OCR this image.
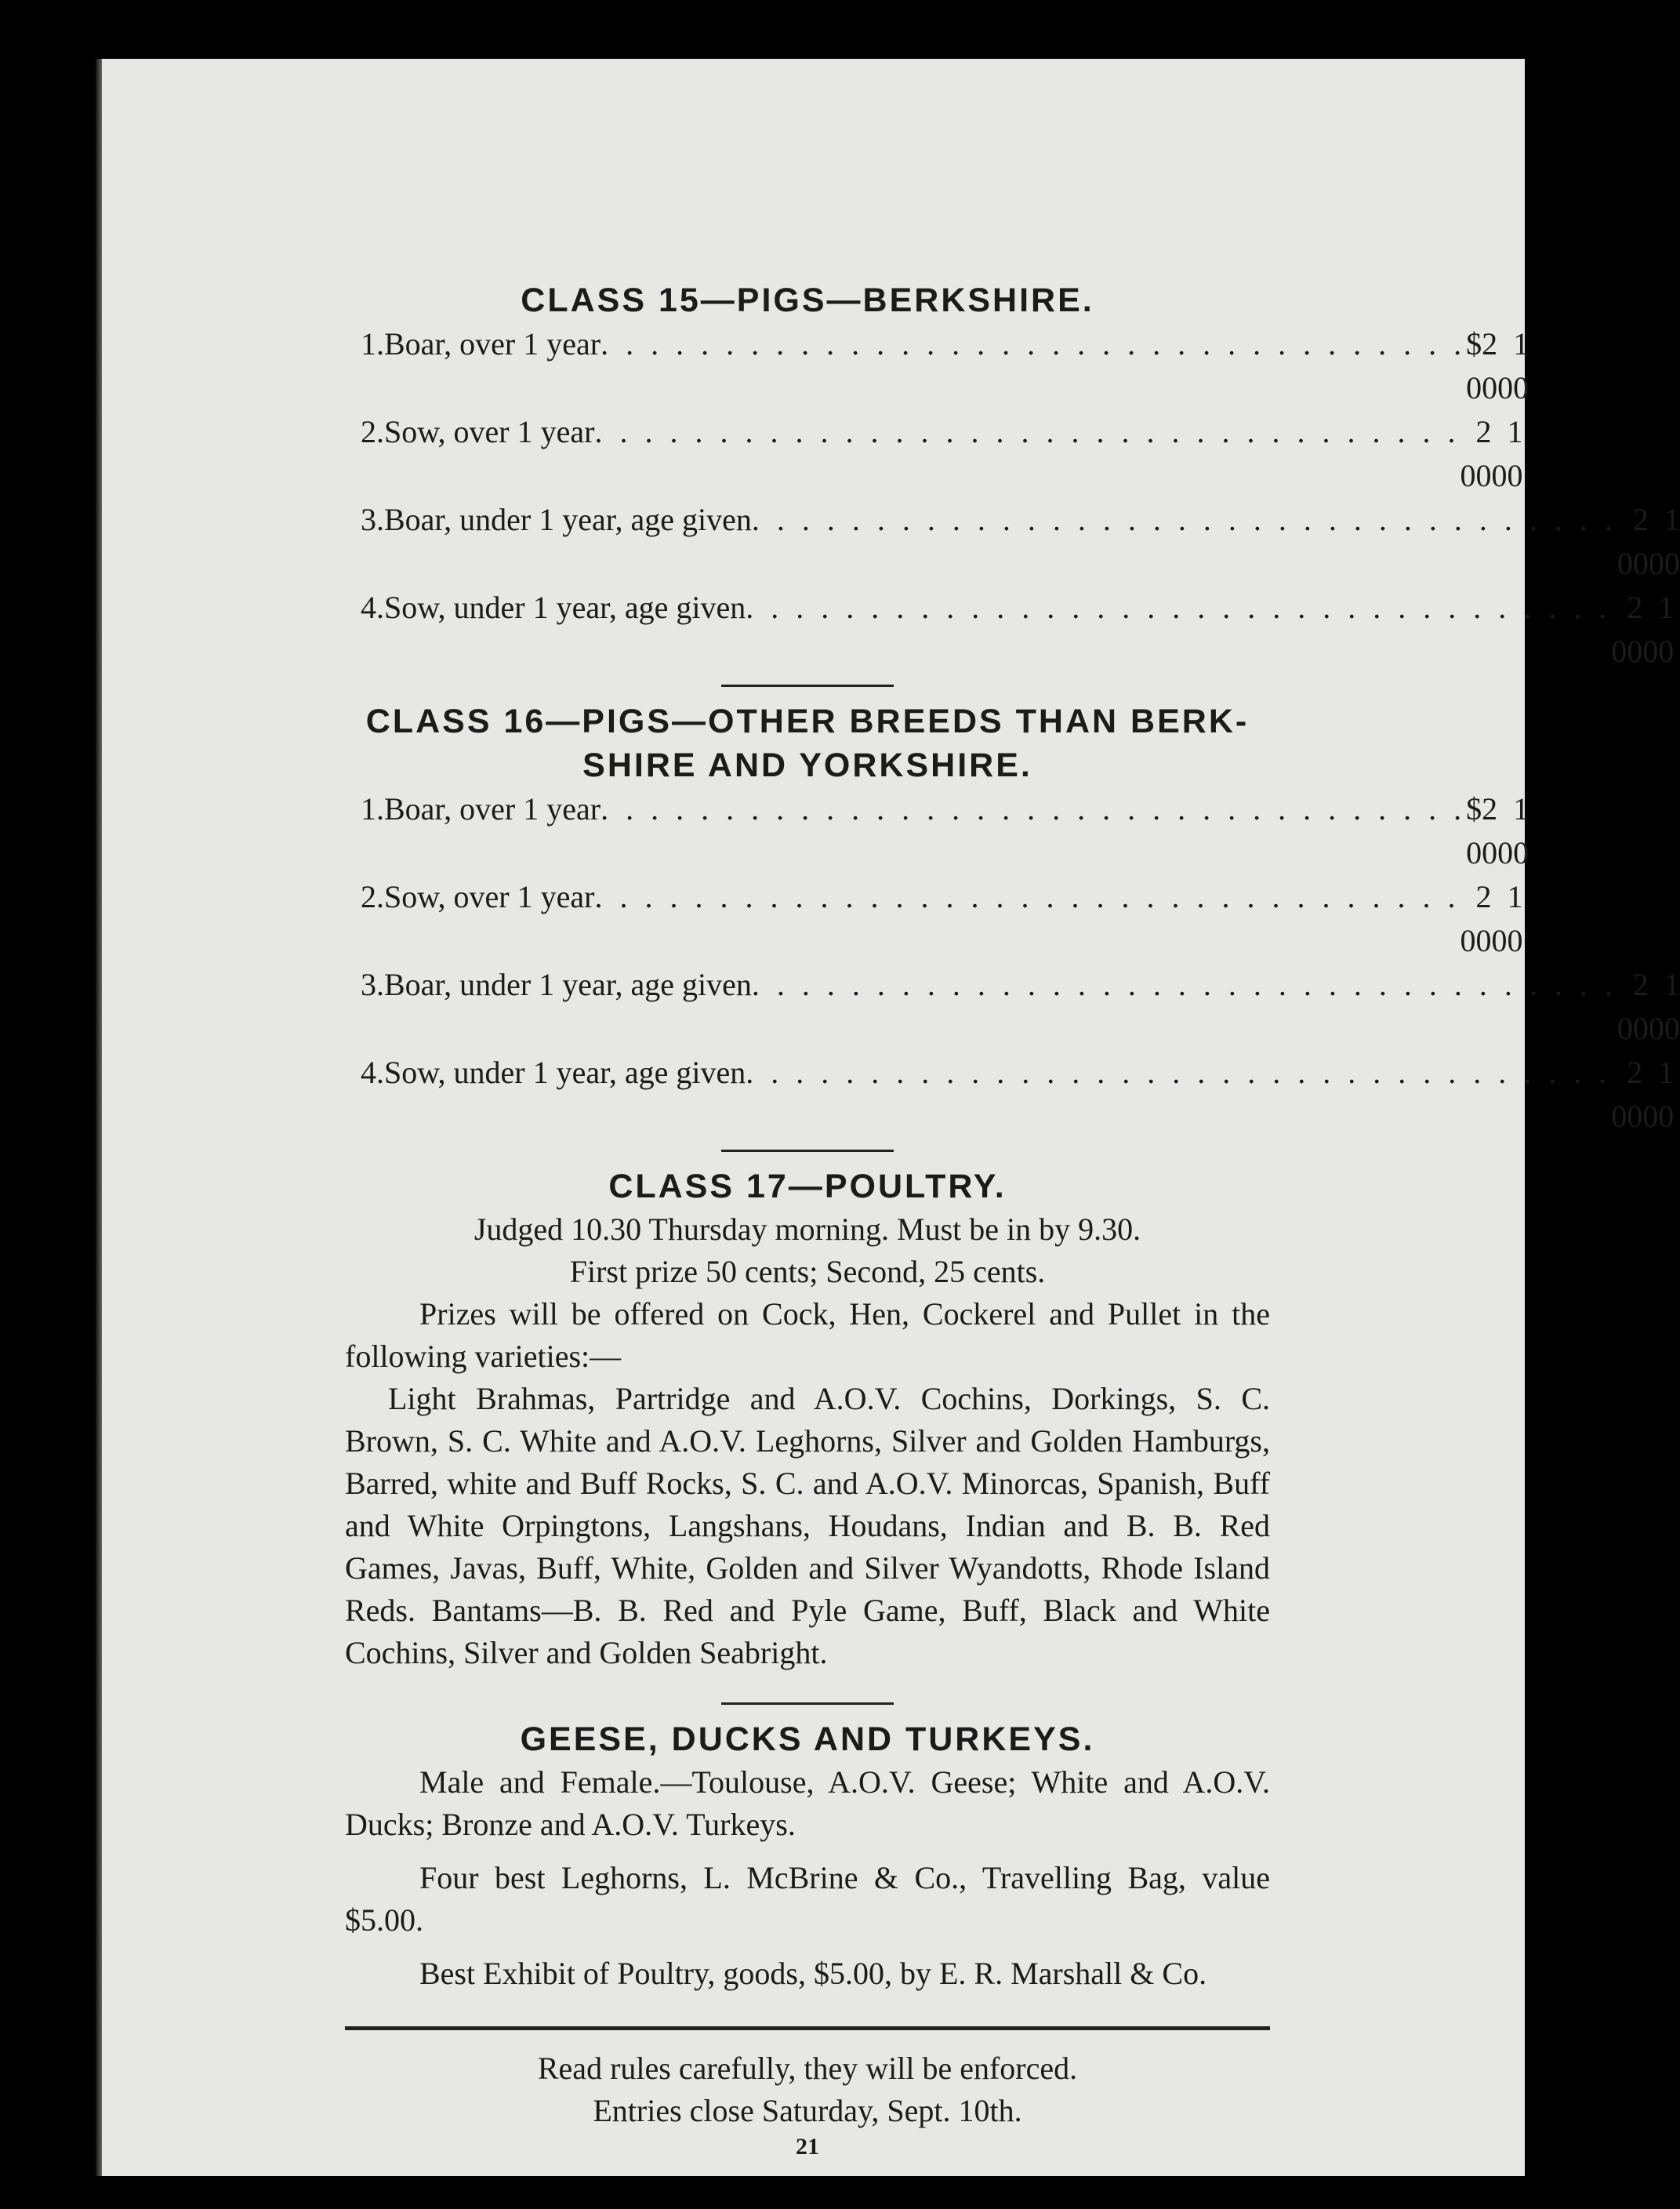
CLASS 15—PIGS—BERKSHIRE.
1. Boar, over 1 year . . . . . . . . . . . . . . . . . . . . . . . . . . . . . . . . . . . $2 00
1 00
2. Sow, over 1 year . . . . . . . . . . . . . . . . . . . . . . . . . . . . . . . . . . . 2 00
1 00
3. Boar, under 1 year, age given . . . . . . . . . . . . . . . . . . . . . . . . . . . . . . . . . . . 2 00
1 00
4. Sow, under 1 year, age given . . . . . . . . . . . . . . . . . . . . . . . . . . . . . . . . . . . 2 00
1 00
CLASS 16—PIGS—OTHER BREEDS THAN BERK-
SHIRE AND YORKSHIRE.
1. Boar, over 1 year . . . . . . . . . . . . . . . . . . . . . . . . . . . . . . . . . . . $2 00
1 00
2. Sow, over 1 year . . . . . . . . . . . . . . . . . . . . . . . . . . . . . . . . . . . 2 00
1 00
3. Boar, under 1 year, age given . . . . . . . . . . . . . . . . . . . . . . . . . . . . . . . . . . . 2 00
1 00
4. Sow, under 1 year, age given . . . . . . . . . . . . . . . . . . . . . . . . . . . . . . . . . . . 2 00
1 00
CLASS 17—POULTRY.

Judged 10.30 Thursday morning. Must be in by 9.30.

First prize 50 cents; Second, 25 cents.

Prizes will be offered on Cock, Hen, Cockerel and Pullet in the following varieties:—

Light Brahmas, Partridge and A.O.V. Cochins, Dorkings, S. C. Brown, S. C. White and A.O.V. Leghorns, Silver and Golden Hamburgs, Barred, white and Buff Rocks, S. C. and A.O.V. Minorcas, Spanish, Buff and White Orpingtons, Langshans, Houdans, Indian and B. B. Red Games, Javas, Buff, White, Golden and Silver Wyandotts, Rhode Island Reds. Bantams—B. B. Red and Pyle Game, Buff, Black and White Cochins, Silver and Golden Seabright.

GEESE, DUCKS AND TURKEYS.

Male and Female.—Toulouse, A.O.V. Geese; White and A.O.V. Ducks; Bronze and A.O.V. Turkeys.

Four best Leghorns, L. McBrine & Co., Travelling Bag, value $5.00.

Best Exhibit of Poultry, goods, $5.00, by E. R. Marshall & Co.

Read rules carefully, they will be enforced.

Entries close Saturday, Sept. 10th.

21
